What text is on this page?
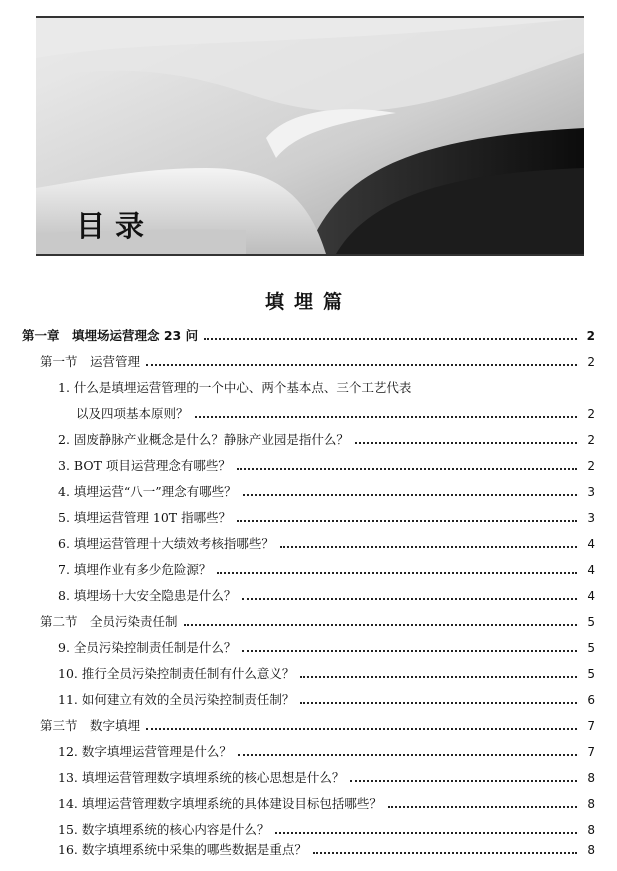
目录
填埋篇
第一章　填埋场运营理念 23 问	2
第一节　运营管理	2
1. 什么是填埋运营管理的一个中心、两个基本点、三个工艺代表
以及四项基本原则？	2
2. 固废静脉产业概念是什么？静脉产业园是指什么？	2
3. BOT 项目运营理念有哪些？	2
4. 填埋运营“八一”理念有哪些？	3
5. 填埋运营管理 10T 指哪些？	3
6. 填埋运营管理十大绩效考核指哪些？	4
7. 填埋作业有多少危险源？	4
8. 填埋场十大安全隐患是什么？	4
第二节　全员污染责任制	5
9. 全员污染控制责任制是什么？	5
10. 推行全员污染控制责任制有什么意义？	5
11. 如何建立有效的全员污染控制责任制？	6
第三节　数字填埋	7
12. 数字填埋运营管理是什么？	7
13. 填埋运营管理数字填埋系统的核心思想是什么？	8
14. 填埋运营管理数字填埋系统的具体建设目标包括哪些？	8
15. 数字填埋系统的核心内容是什么？	8
16. 数字填埋系统中采集的哪些数据是重点？	8
